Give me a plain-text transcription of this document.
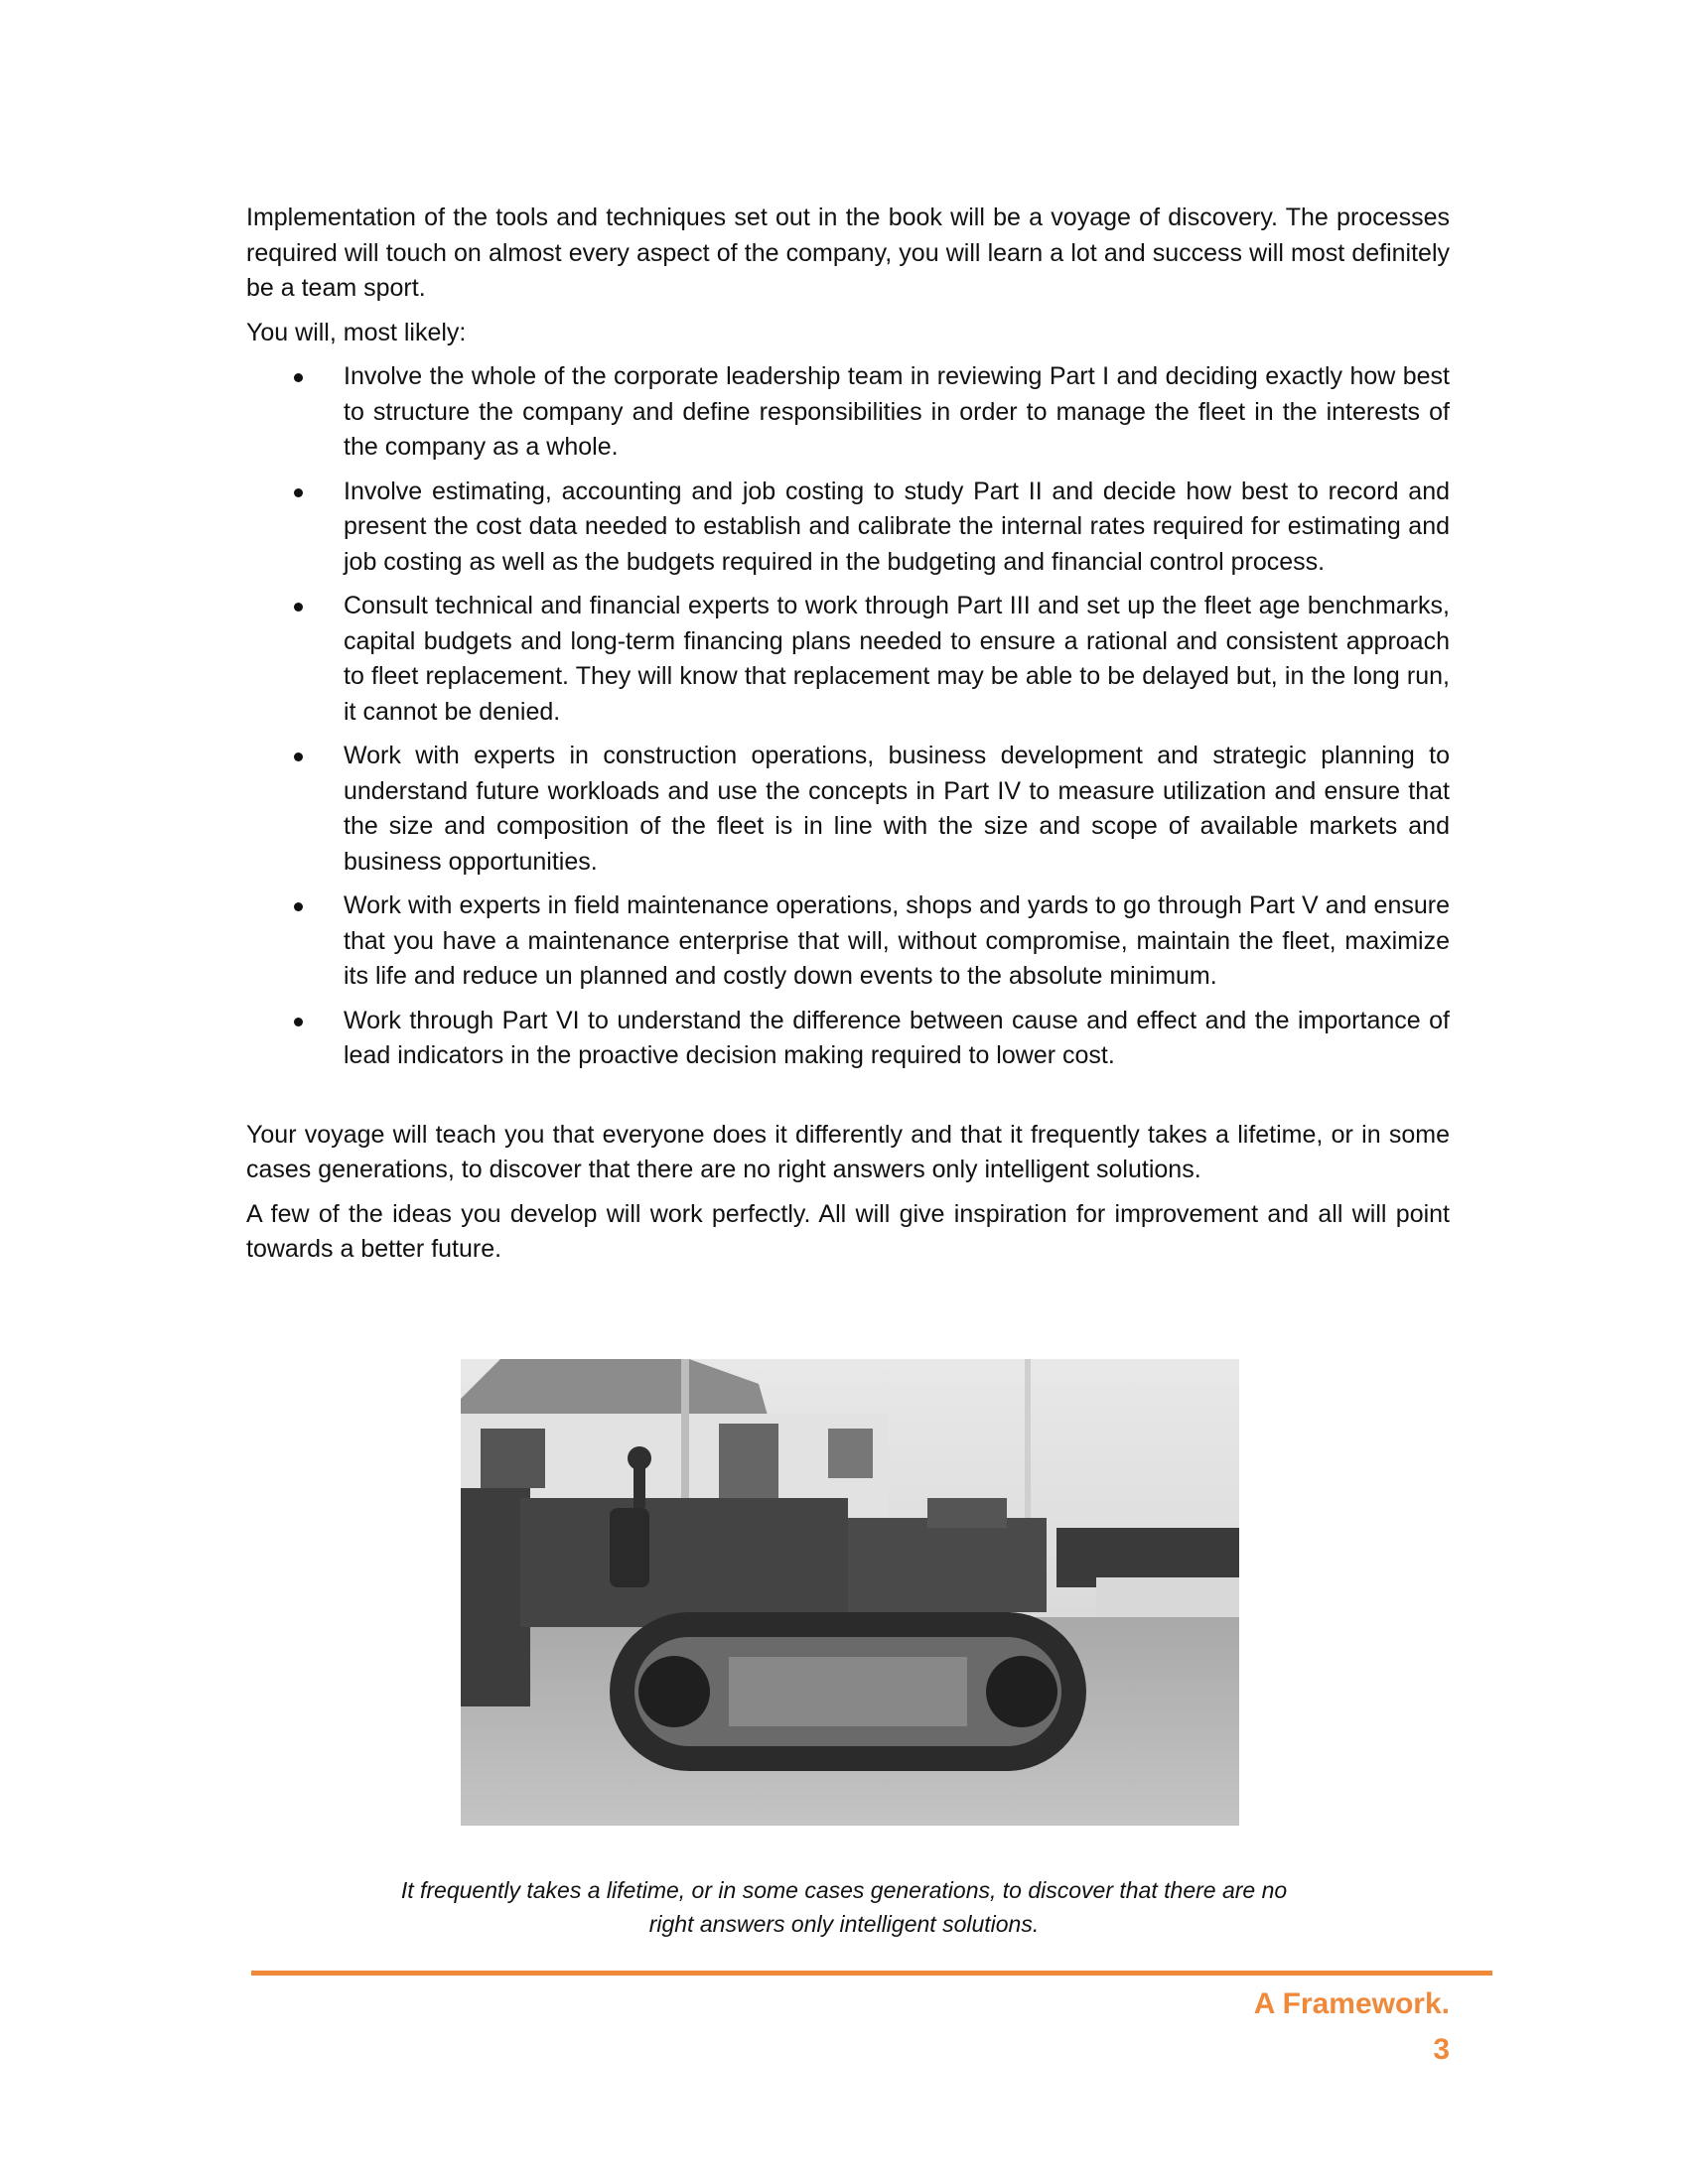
Implementation of the tools and techniques set out in the book will be a voyage of discovery. The processes required will touch on almost every aspect of the company, you will learn a lot and success will most definitely be a team sport.

You will, most likely:

Involve the whole of the corporate leadership team in reviewing Part I and deciding exactly how best to structure the company and define responsibilities in order to manage the fleet in the interests of the company as a whole.
Involve estimating, accounting and job costing to study Part II and decide how best to record and present the cost data needed to establish and calibrate the internal rates required for estimating and job costing as well as the budgets required in the budgeting and financial control process.
Consult technical and financial experts to work through Part III and set up the fleet age benchmarks, capital budgets and long-term financing plans needed to ensure a rational and consistent approach to fleet replacement. They will know that replacement may be able to be delayed but, in the long run, it cannot be denied.
Work with experts in construction operations, business development and strategic planning to understand future workloads and use the concepts in Part IV to measure utilization and ensure that the size and composition of the fleet is in line with the size and scope of available markets and business opportunities.
Work with experts in field maintenance operations, shops and yards to go through Part V and ensure that you have a maintenance enterprise that will, without compromise, maintain the fleet, maximize its life and reduce un planned and costly down events to the absolute minimum.
Work through Part VI to understand the difference between cause and effect and the importance of lead indicators in the proactive decision making required to lower cost.

Your voyage will teach you that everyone does it differently and that it frequently takes a lifetime, or in some cases generations, to discover that there are no right answers only intelligent solutions.

A few of the ideas you develop will work perfectly. All will give inspiration for improvement and all will point towards a better future.

It frequently takes a lifetime, or in some cases generations, to discover that there are no right answers only intelligent solutions.
A Framework.
3
